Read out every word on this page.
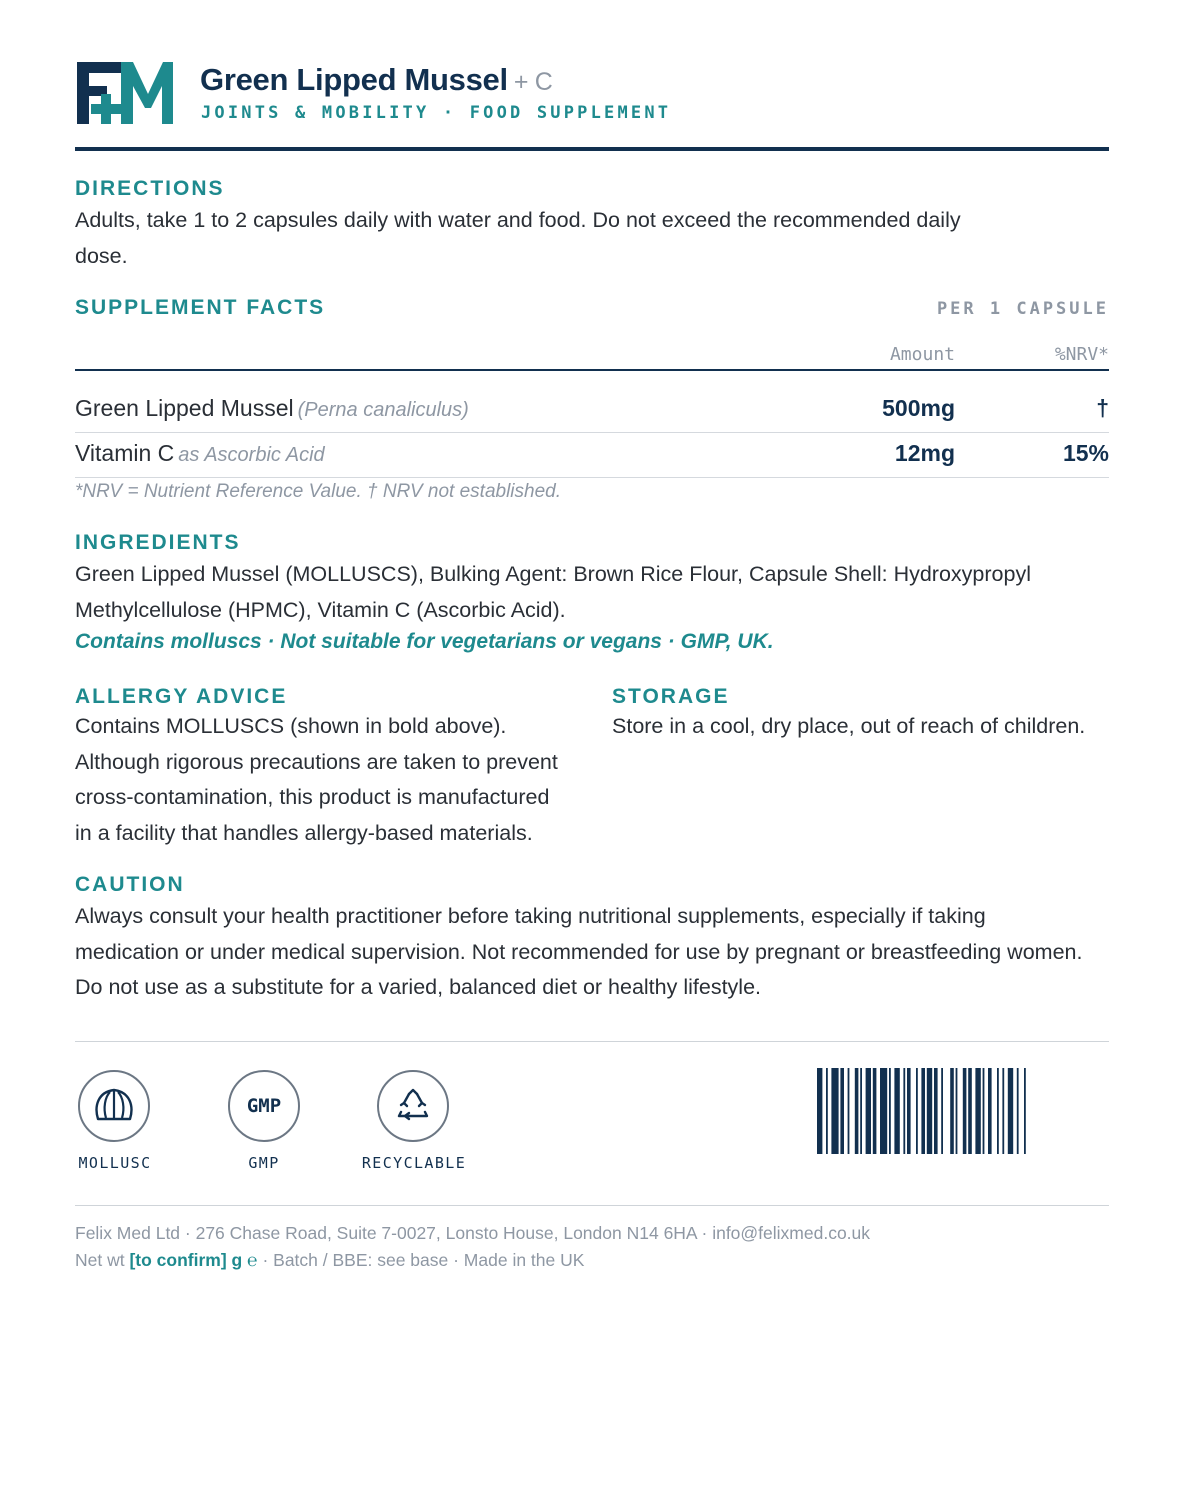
Green Lipped Mussel + C
JOINTS & MOBILITY · FOOD SUPPLEMENT
DIRECTIONS
Adults, take 1 to 2 capsules daily with water and food. Do not exceed the recommended daily
dose.
SUPPLEMENT FACTS	PER 1 CAPSULE
Amount	%NRV*
Green Lipped Mussel (Perna canaliculus)	500mg	†
Vitamin C as Ascorbic Acid	12mg	15%
*NRV = Nutrient Reference Value. † NRV not established.
INGREDIENTS
Green Lipped Mussel (MOLLUSCS), Bulking Agent: Brown Rice Flour, Capsule Shell: Hydroxypropyl
Methylcellulose (HPMC), Vitamin C (Ascorbic Acid).
Contains molluscs · Not suitable for vegetarians or vegans · GMP, UK.
ALLERGY ADVICE
Contains MOLLUSCS (shown in bold above).
Although rigorous precautions are taken to prevent
cross-contamination, this product is manufactured
in a facility that handles allergy-based materials.
STORAGE
Store in a cool, dry place, out of reach of children.
CAUTION
Always consult your health practitioner before taking nutritional supplements, especially if taking
medication or under medical supervision. Not recommended for use by pregnant or breastfeeding women.
Do not use as a substitute for a varied, balanced diet or healthy lifestyle.
MOLLUSC
GMP
GMP	RECYCLABLE
Felix Med Ltd · 276 Chase Road, Suite 7-0027, Lonsto House, London N14 6HA · info@felixmed.co.uk
Net wt [to confirm] g ℮ · Batch / BBE: see base · Made in the UK
